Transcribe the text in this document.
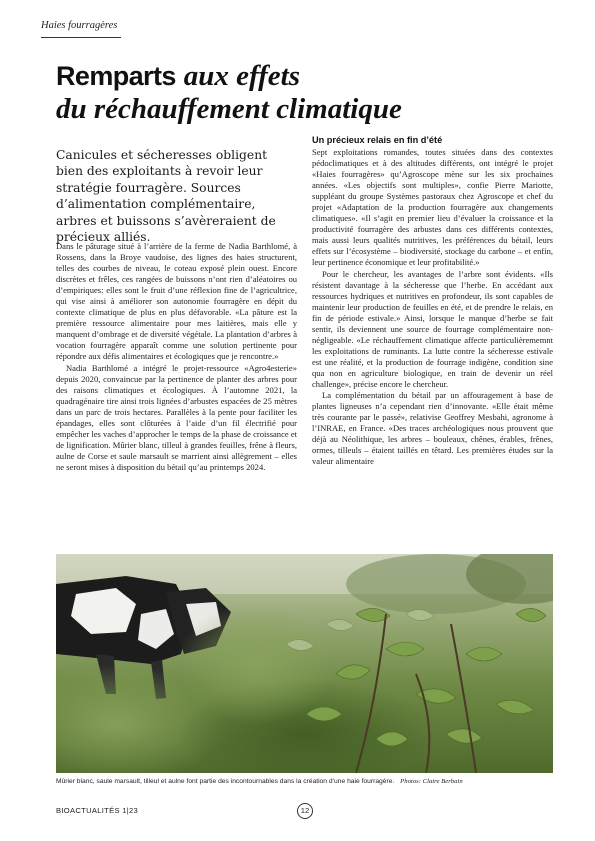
Haies fourragères
Remparts aux effets
du réchauffement climatique

Canicules et sécheresses obligent bien des exploitants à revoir leur stratégie fourragère. Sources d’alimentation complémentaire, arbres et buissons s’avèreraient de précieux alliés.

Dans le pâturage situé à l’arrière de la ferme de Nadia Barthlomé, à Rossens, dans la Broye vaudoise, des lignes des haies structurent, telles des courbes de niveau, le coteau exposé plein ouest. Encore discrètes et frêles, ces rangées de buissons n’ont rien d’aléatoires ou d’empiriques: elles sont le fruit d’une réflexion fine de l’agricultrice, qui vise ainsi à améliorer son autonomie fourragère en dépit du contexte climatique de plus en plus défavorable. «La pâture est la première ressource alimentaire pour mes laitières, mais elle y manquent d’ombrage et de diversité végétale. La plantation d’arbres à vocation fourragère apparaît comme une solution pertinente pour répondre aux défis alimentaires et écologiques que je rencontre.»

Nadia Barthlomé a intégré le projet-ressource «Agro4esterie» depuis 2020, convaincue par la pertinence de planter des arbres pour des raisons climatiques et écologiques. À l’automne 2021, la quadragénaire tire ainsi trois lignées d’arbustes espacées de 25 mètres dans un parc de trois hectares. Parallèles à la pente pour faciliter les épandages, elles sont clôturées à l’aide d’un fil électrifié pour empêcher les vaches d’approcher le temps de la phase de croissance et de lignification. Mûrier blanc, tilleul à grandes feuilles, frêne à fleurs, aulne de Corse et saule marsault se marrient ainsi allègrement – elles ne seront mises à disposition du bétail qu’au printemps 2024.

Un précieux relais en fin d’été

Sept exploitations romandes, toutes situées dans des contextes pédoclimatiques et à des altitudes différents, ont intégré le projet «Haies fourragères» qu’Agroscope mène sur les six prochaines années. «Les objectifs sont multiples», confie Pierre Mariotte, suppléant du groupe Systèmes pastoraux chez Agroscope et chef du projet «Adaptation de la production fourragère aux changements climatiques». «Il s’agit en premier lieu d’évaluer la croissance et la productivité fourragère des arbustes dans ces différents contextes, mais aussi leurs qualités nutritives, les préférences du bétail, leurs effets sur l’écosystème – biodiversité, stockage du carbone – et enfin, leur pertinence économique et leur profitabilité.»

Pour le chercheur, les avantages de l’arbre sont évidents. «Ils résistent davantage à la sécheresse que l’herbe. En accédant aux ressources hydriques et nutritives en profondeur, ils sont capables de maintenir leur production de feuilles en été, et de prendre le relais, en fin de période estivale.» Ainsi, lorsque le manque d’herbe se fait sentir, ils deviennent une source de fourrage complémentaire non-négligeable. «Le réchauffement climatique affecte particulièrememnt les exploitations de ruminants. La lutte contre la sécheresse estivale est une réalité, et la production de fourrage indigène, condition sine qua non en agriculture biologique, en train de devenir un réel challenge», précise encore le chercheur.

La complémentation du bétail par un affouragement à base de plantes ligneuses n’a cependant rien d’innovante. «Elle était même très courante par le passé», relativise Geoffrey Mesbahi, agronome à l’INRAE, en France. «Des traces archéologiques nous prouvent que déjà au Néolithique, les arbres – bouleaux, chênes, érables, frênes, ormes, tilleuls – étaient taillés en têtard. Les premières études sur la valeur alimentaire

Mûrier blanc, saule marsault, tilleul et aulne font partie des incontournables dans la création d’une haie fourragère. Photos: Claire Berbain
BIOACTUALITÉS 1|23	12
